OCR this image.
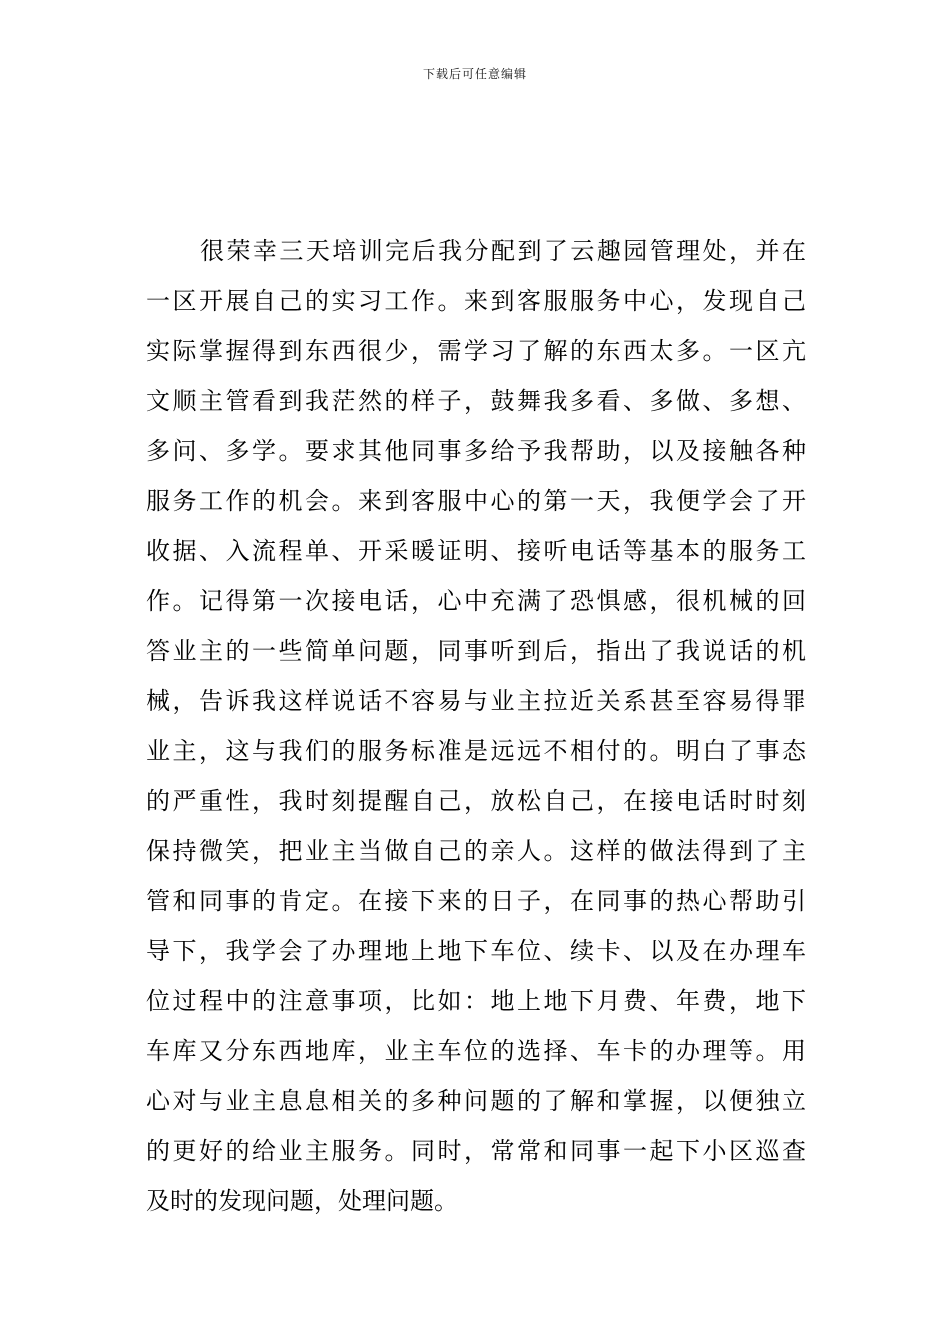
下载后可任意编辑
很荣幸三天培训完后我分配到了云趣园管理处，并在
一区开展自己的实习工作。来到客服服务中心，发现自己
实际掌握得到东西很少，需学习了解的东西太多。一区亢
文顺主管看到我茫然的样子，鼓舞我多看、多做、多想、
多问、多学。要求其他同事多给予我帮助，以及接触各种
服务工作的机会。来到客服中心的第一天，我便学会了开
收据、入流程单、开采暖证明、接听电话等基本的服务工
作。记得第一次接电话，心中充满了恐惧感，很机械的回
答业主的一些简单问题，同事听到后，指出了我说话的机
械，告诉我这样说话不容易与业主拉近关系甚至容易得罪
业主，这与我们的服务标准是远远不相付的。明白了事态
的严重性，我时刻提醒自己，放松自己，在接电话时时刻
保持微笑，把业主当做自己的亲人。这样的做法得到了主
管和同事的肯定。在接下来的日子，在同事的热心帮助引
导下，我学会了办理地上地下车位、续卡、以及在办理车
位过程中的注意事项，比如：地上地下月费、年费，地下
车库又分东西地库，业主车位的选择、车卡的办理等。用
心对与业主息息相关的多种问题的了解和掌握，以便独立
的更好的给业主服务。同时，常常和同事一起下小区巡查
及时的发现问题，处理问题。
